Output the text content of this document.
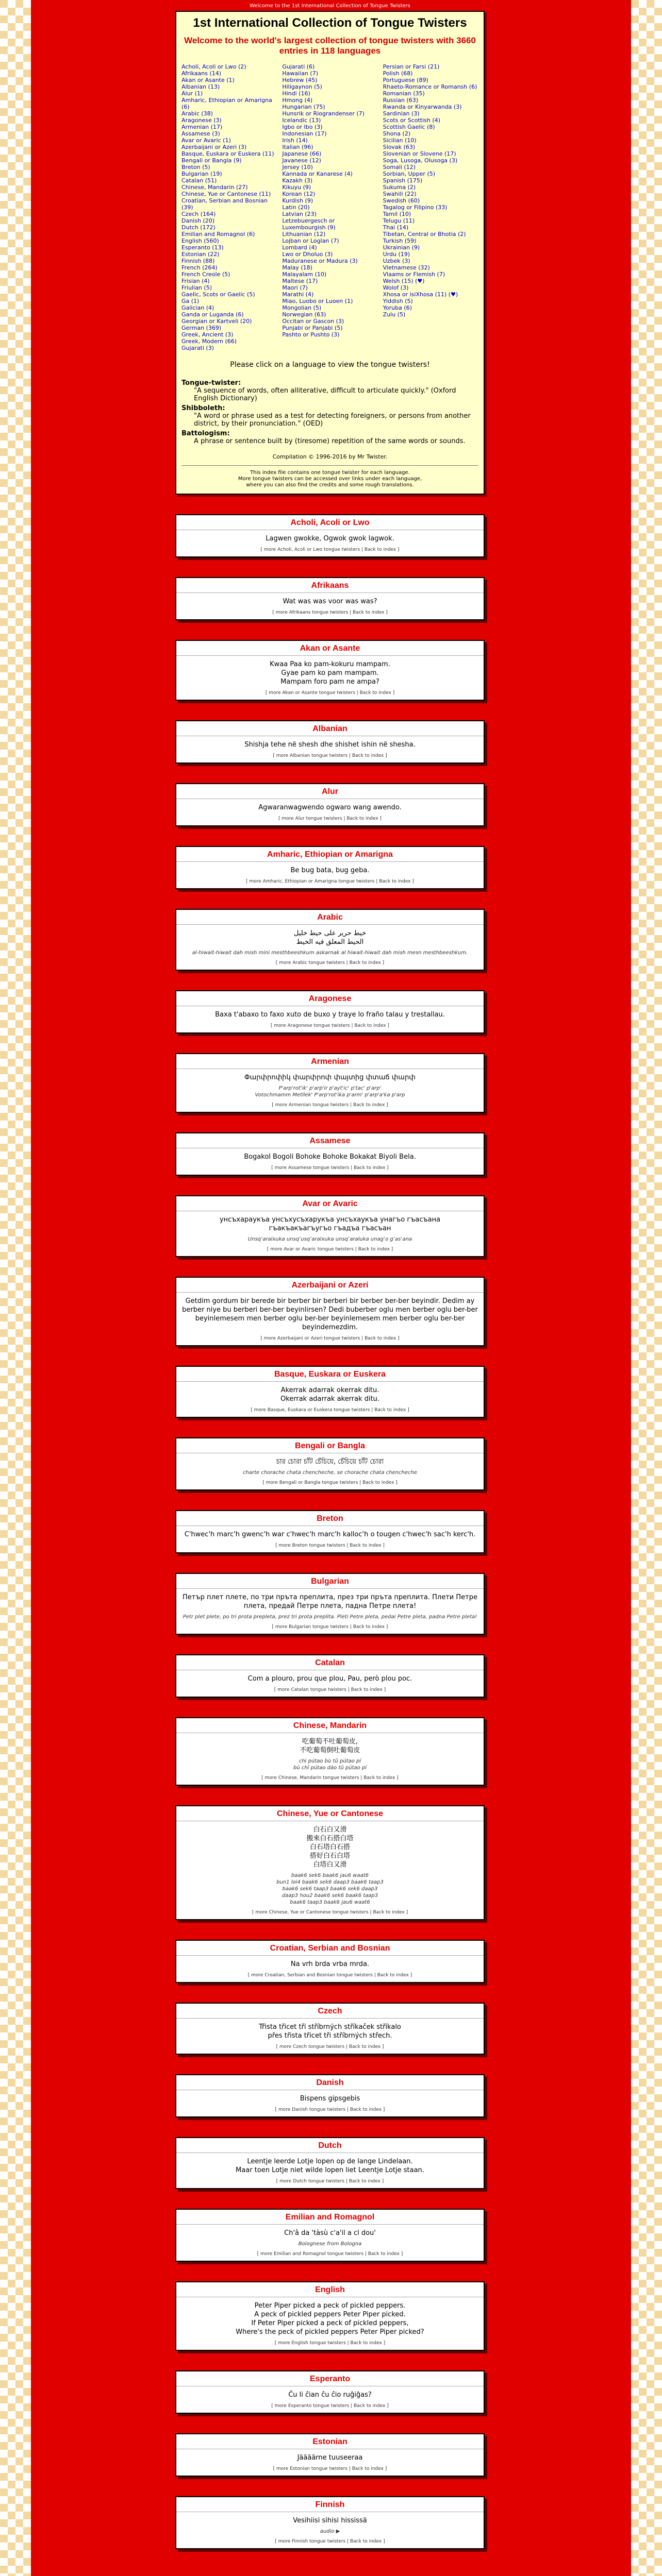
Welcome to the 1st International Collection of Tongue Twisters
1st International Collection of Tongue Twisters
Welcome to the world's largest collection of tongue twisters with 3660 entries in 118 languages
Acholi, Acoli or Lwo (2)
Afrikaans (14)
Akan or Asante (1)
Albanian (13)
Alur (1)
Amharic, Ethiopian or Amarigna (6)
Arabic (38)
Aragonese (3)
Armenian (17)
Assamese (3)
Avar or Avaric (1)
Azerbaijani or Azeri (3)
Basque, Euskara or Euskera (11)
Bengali or Bangla (9)
Breton (5)
Bulgarian (19)
Catalan (51)
Chinese, Mandarin (27)
Chinese, Yue or Cantonese (11)
Croatian, Serbian and Bosnian (39)
Czech (164)
Danish (20)
Dutch (172)
Emilian and Romagnol (6)
English (560)
Esperanto (13)
Estonian (22)
Finnish (88)
French (264)
French Creole (5)
Frisian (4)
Friulian (5)
Gaelic, Scots or Gaelic (5)
Ga (1)
Galician (4)
Ganda or Luganda (6)
Georgian or Kartveli (20)
German (369)
Greek, Ancient (3)
Greek, Modern (66)
Gujarati (3)
Gujarati (6)
Hawaiian (7)
Hebrew (45)
Hiligaynon (5)
Hindi (16)
Hmong (4)
Hungarian (75)
Hunsrik or Riograndenser (7)
Icelandic (13)
Igbo or Ibo (3)
Indonesian (17)
Irish (14)
Italian (96)
Japanese (66)
Javanese (12)
Jersey (10)
Kannada or Kanarese (4)
Kazakh (3)
Kikuyu (9)
Korean (12)
Kurdish (9)
Latin (20)
Latvian (23)
Letzebuergesch or Luxembourgish (9)
Lithuanian (12)
Lojban or Loglan (7)
Lombard (4)
Lwo or Dholuo (3)
Maduranese or Madura (3)
Malay (18)
Malayalam (10)
Maltese (17)
Maori (7)
Marathi (4)
Miao, Luobo or Luoen (1)
Mongolian (5)
Norwegian (63)
Occitan or Gascon (3)
Punjabi or Panjabi (5)
Pashto or Pushto (3)
Persian or Farsi (21)
Polish (68)
Portuguese (89)
Rhaeto-Romance or Romansh (6)
Romanian (35)
Russian (63)
Rwanda or Kinyarwanda (3)
Sardinian (3)
Scots or Scottish (4)
Scottish Gaelic (8)
Shona (2)
Sicilian (10)
Slovak (63)
Slovenian or Slovene (17)
Soga, Lusoga, Olusoga (3)
Somali (12)
Sorbian, Upper (5)
Spanish (175)
Sukuma (2)
Swahili (22)
Swedish (60)
Tagalog or Filipino (33)
Tamil (10)
Telugu (11)
Thai (14)
Tibetan, Central or Bhotia (2)
Turkish (59)
Ukrainian (9)
Urdu (19)
Uzbek (3)
Vietnamese (32)
Vlaams or Flemish (7)
Welsh (15) (♥)
Wolof (3)
Xhosa or isiXhosa (11) (♥)
Yiddish (5)
Yoruba (6)
Zulu (5)
Please click on a language to view the tongue twisters!
Tongue-twister:
"A sequence of words, often alliterative, difficult to articulate quickly." (Oxford English Dictionary)
Shibboleth:
"A word or phrase used as a test for detecting foreigners, or persons from another district, by their pronunciation." (OED)
Battologism:
A phrase or sentence built by (tiresome) repetition of the same words or sounds.
Compilation © 1996-2016 by Mr Twister.
This index file contains one tongue twister for each language.
More tongue twisters can be accessed over links under each language,
where you can also find the credits and some rough translations.
Acholi, Acoli or Lwo
Lagwen gwokke, Ogwok gwok lagwok.
[ more Acholi, Acoli or Lwo tongue twisters | Back to index ]
Afrikaans
Wat was was voor was was?
[ more Afrikaans tongue twisters | Back to index ]
Akan or Asante
Kwaa Paa ko pam-kokuru mampam.
Gyae pam ko pam mampam.
Mampam foro pam ne ampa?
[ more Akan or Asante tongue twisters | Back to index ]
Albanian
Shishja tehe në shesh dhe shishet ishin në shesha.
[ more Albanian tongue twisters | Back to index ]
Alur
Agwaranwagwendo ogwaro wang awendo.
[ more Alur tongue twisters | Back to index ]
Amharic, Ethiopian or Amarigna
Be bug bata, bug geba.
[ more Amharic, Ethiopian or Amarigna tongue twisters | Back to index ]
Arabic
خيط حرير على حيط خليل
الحيط المعلق فيه الخيط
al-hiwait-hiwait dah mish mini mesthbeeshkum askarnak al hiwait-hiwait dah mish mesn mesthbeeshkum.
[ more Arabic tongue twisters | Back to index ]
Aragonese
Baxa t'abaxo to faxo xuto de buxo y traye lo fraño talau y trestallau.
[ more Aragonese tongue twisters | Back to index ]
Armenian
Փարփրոփիկ փարփրոփ փայտից փտաճ փարփ
P'arp'rot'ik' p'arp'ir p'ayt'ic' p'tac' p'arp'
Votochmamm Metllek' P'arp'rot'ika p'arm' p'arp'a'ka p'arp
[ more Armenian tongue twisters | Back to index ]
Assamese
Bogakol Bogoli Bohoke Bohoke Bokakat Biyoli Bela.
[ more Assamese tongue twisters | Back to index ]
Avar or Avaric
унсъхараукъа унсъхусъхарукъа унсъхаукъа унагъо гъасъана
гъакъакъагъугъо гъадъа гъасъан
Unsqʼaralxuka unsqʼusqʼaralxuka unsqʼaraluka unagʼo gʼasʼana
[ more Avar or Avaric tongue twisters | Back to index ]
Azerbaijani or Azeri
Getdim gordum bir berede bir berber bir berberi bir berber ber-ber beyindir. Dedim ay berber niye bu berberi ber-ber beyinlirsen? Dedi buberber oglu men berber oglu ber-ber beyinlemesem men berber oglu ber-ber beyinlemesem men berber oglu ber-ber beyindemezdim.
[ more Azerbaijani or Azeri tongue twisters | Back to index ]
Basque, Euskara or Euskera
Akerrak adarrak okerrak ditu.
Okerrak adarrak akerrak ditu.
[ more Basque, Euskara or Euskera tongue twisters | Back to index ]
Bengali or Bangla
চার চোরা চাঁট চেঁচিয়ে, চেঁচিয়ে চাঁট চোরা
charte chorache chata chencheche, se chorache chata chencheche
[ more Bengali or Bangla tongue twisters | Back to index ]
Breton
C'hwec'h marc'h gwenc'h war c'hwec'h marc'h kalloc'h o tougen c'hwec'h sac'h kerc'h.
[ more Breton tongue twisters | Back to index ]
Bulgarian
Петър плет плете, по три пръта преплита, през три пръта преплита. Плети Петре плета, предай Петре плета, падна Петре плета!
Petr plet plete, po tri prota prepleta, prez tri prota preplita. Pleti Petre pleta, pedai Petre pleta, padna Petre pleta!
[ more Bulgarian tongue twisters | Back to index ]
Catalan
Com a plouro, prou que plou, Pau, però plou poc.
[ more Catalan tongue twisters | Back to index ]
Chinese, Mandarin
吃葡萄不吐葡萄皮,
不吃葡萄倒吐葡萄皮
chi pútao bù tǔ pútao pí
bù chī pútao dào tǔ pútao pí
[ more Chinese, Mandarin tongue twisters | Back to index ]
Chinese, Yue or Cantonese
白石白又滑
搬來白石搭白塔
白石塔白石搭
搭好白石白塔
白塔白又滑
baak6 sek6 baak6 jau6 waat6
bun1 loi4 baak6 sek6 daap3 baak6 taap3
baak6 sek6 taap3 baak6 sek6 daap3
daap3 hou2 baak6 sek6 baak6 taap3
baak6 taap3 baak6 jau6 waat6
[ more Chinese, Yue or Cantonese tongue twisters | Back to index ]
Croatian, Serbian and Bosnian
Na vrh brda vrba mrda.
[ more Croatian, Serbian and Bosnian tongue twisters | Back to index ]
Czech
Třista třicet tři stříbrných stříkaček stříkalo
přes třista třicet tři stříbrných střech.
[ more Czech tongue twisters | Back to index ]
Danish
Bispens gipsgebis
[ more Danish tongue twisters | Back to index ]
Dutch
Leentje leerde Lotje lopen op de lange Lindelaan.
Maar toen Lotje niet wilde lopen liet Leentje Lotje staan.
[ more Dutch tongue twisters | Back to index ]
Emilian and Romagnol
Ch'â da 'tàsù c'a'il a cl dou'
Bolognese from Bologna
[ more Emilian and Romagnol tongue twisters | Back to index ]
English
Peter Piper picked a peck of pickled peppers.
A peck of pickled peppers Peter Piper picked.
If Peter Piper picked a peck of pickled peppers,
Where's the peck of pickled peppers Peter Piper picked?
[ more English tongue twisters | Back to index ]
Esperanto
Ĉu li ĉian ĉu ĉio ruĝiĝas?
[ more Esperanto tongue twisters | Back to index ]
Estonian
Jäääärne tuuseeraa
[ more Estonian tongue twisters | Back to index ]
Finnish
Vesihiisi sihisi hississä
audio ▶
[ more Finnish tongue twisters | Back to index ]
